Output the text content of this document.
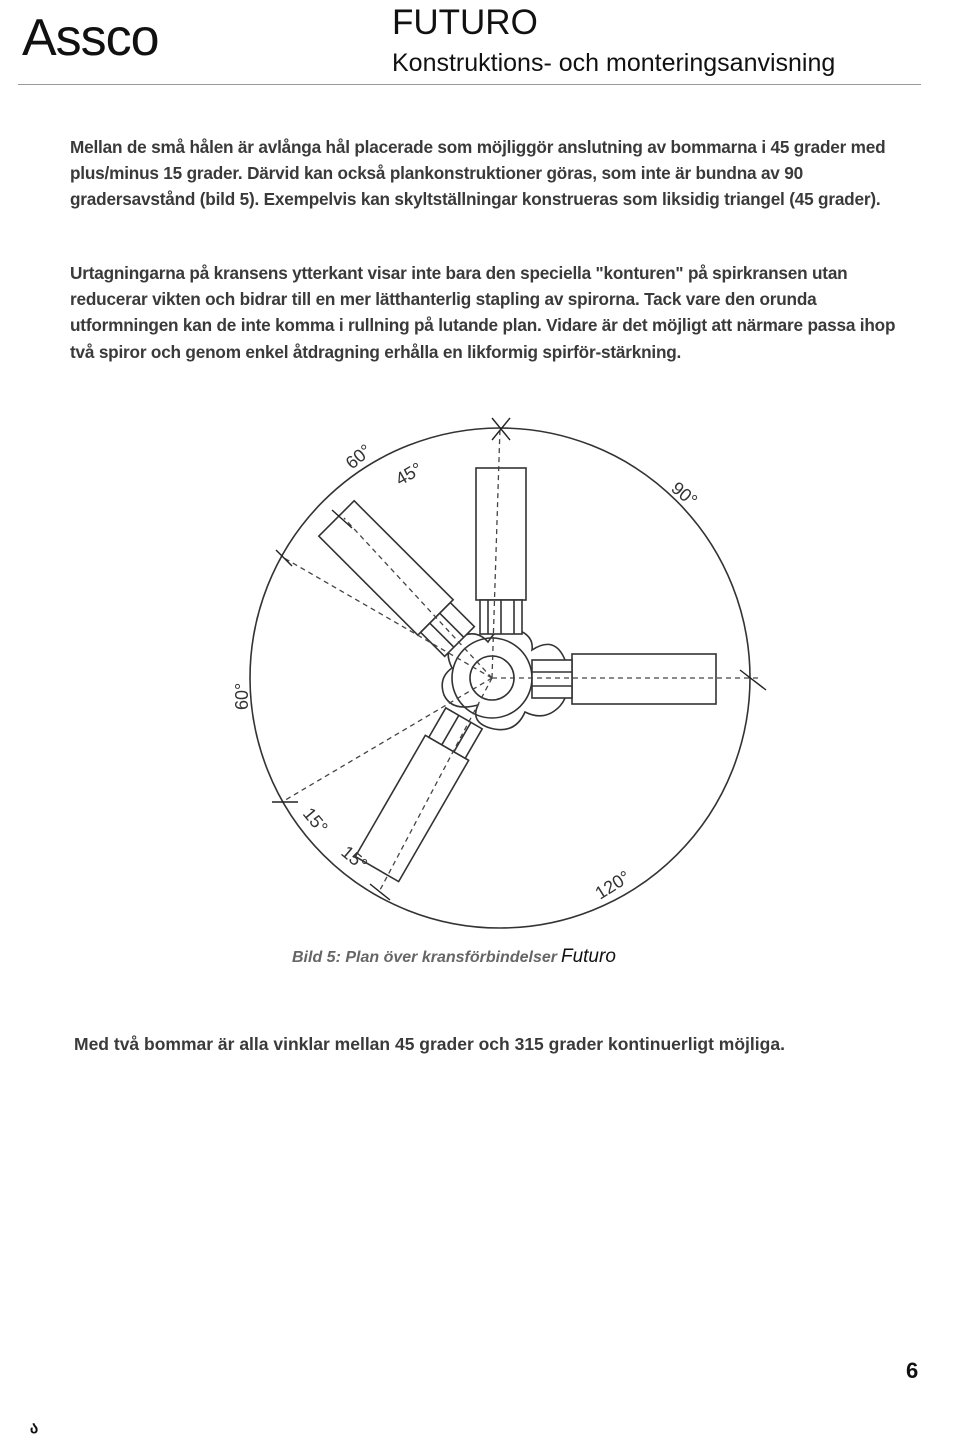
Assco	FUTURO
Konstruktions- och monteringsanvisning

Mellan de små hålen är avlånga hål placerade som möjliggör anslutning av bommarna i 45 grader med plus/minus 15 grader. Därvid kan också plankonstruktioner göras, som inte är bundna av 90 gradersavstånd (bild 5). Exempelvis kan skyltställningar konstrueras som liksidig triangel (45 grader).

Urtagningarna på kransens ytterkant visar inte bara den speciella "konturen" på spirkransen utan reducerar vikten och bidrar till en mer lätthanterlig stapling av spirorna. Tack vare den orunda utformningen kan de inte komma i rullning på lutande plan. Vidare är det möjligt att närmare passa ihop två spiror och genom enkel åtdragning erhålla en likformig spirför-stärkning.

60°
45°
90°
60°
15°
15°
120°
Bild 5: Plan över kransförbindelser Futuro

Med två bommar är alla vinklar mellan 45 grader och 315 grader kontinuerligt möjliga.

6
ა
